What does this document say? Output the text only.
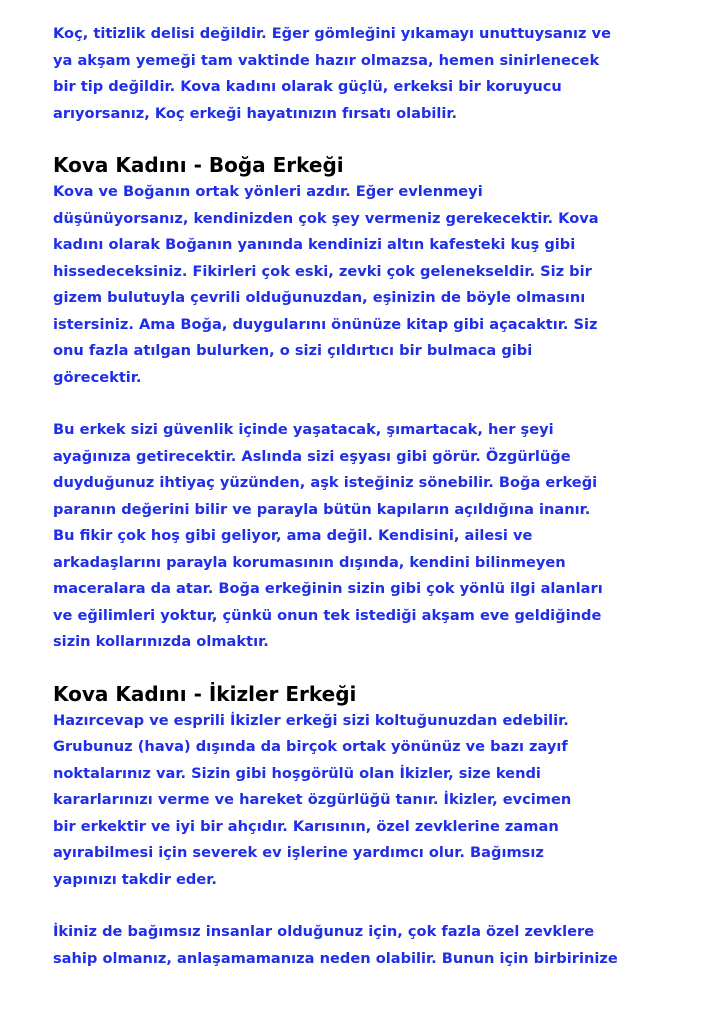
Koç, titizlik delisi değildir. Eğer gömleğini yıkamayı unuttuysanız ve
ya akşam yemeği tam vaktinde hazır olmazsa, hemen sinirlenecek
bir tip değildir. Kova kadını olarak güçlü, erkeksi bir koruyucu
arıyorsanız, Koç erkeği hayatınızın fırsatı olabilir.

Kova Kadını - Boğa Erkeği

Kova ve Boğanın ortak yönleri azdır. Eğer evlenmeyi
düşünüyorsanız, kendinizden çok şey vermeniz gerekecektir. Kova
kadını olarak Boğanın yanında kendinizi altın kafesteki kuş gibi
hissedeceksiniz. Fikirleri çok eski, zevki çok gelenekseldir. Siz bir
gizem bulutuyla çevrili olduğunuzdan, eşinizin de böyle olmasını
istersiniz. Ama Boğa, duygularını önünüze kitap gibi açacaktır. Siz
onu fazla atılgan bulurken, o sizi çıldırtıcı bir bulmaca gibi
görecektir.

Bu erkek sizi güvenlik içinde yaşatacak, şımartacak, her şeyi
ayağınıza getirecektir. Aslında sizi eşyası gibi görür. Özgürlüğe
duyduğunuz ihtiyaç yüzünden, aşk isteğiniz sönebilir. Boğa erkeği
paranın değerini bilir ve parayla bütün kapıların açıldığına inanır.
Bu fikir çok hoş gibi geliyor, ama değil. Kendisini, ailesi ve
arkadaşlarını parayla korumasının dışında, kendini bilinmeyen
maceralara da atar. Boğa erkeğinin sizin gibi çok yönlü ilgi alanları
ve eğilimleri yoktur, çünkü onun tek istediği akşam eve geldiğinde
sizin kollarınızda olmaktır.

Kova Kadını - İkizler Erkeği

Hazırcevap ve esprili İkizler erkeği sizi koltuğunuzdan edebilir.
Grubunuz (hava) dışında da birçok ortak yönünüz ve bazı zayıf
noktalarınız var. Sizin gibi hoşgörülü olan İkizler, size kendi
kararlarınızı verme ve hareket özgürlüğü tanır. İkizler, evcimen
bir erkektir ve iyi bir ahçıdır. Karısının, özel zevklerine zaman
ayırabilmesi için severek ev işlerine yardımcı olur. Bağımsız
yapınızı takdir eder.

İkiniz de bağımsız insanlar olduğunuz için, çok fazla özel zevklere
sahip olmanız, anlaşamamanıza neden olabilir. Bunun için birbirinize
